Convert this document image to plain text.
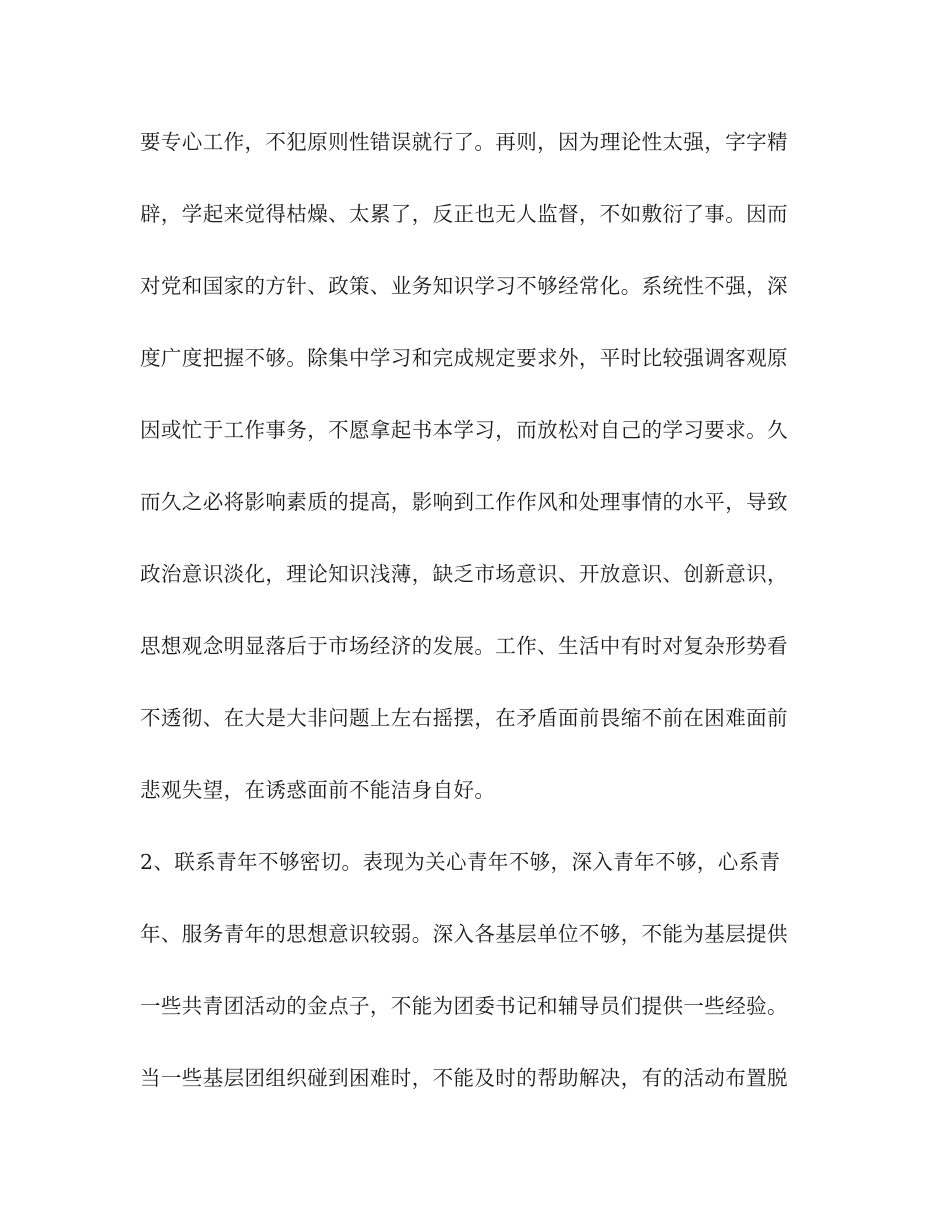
要专心工作，不犯原则性错误就行了。再则，因为理论性太强，字字精
辟，学起来觉得枯燥、太累了，反正也无人监督，不如敷衍了事。因而
对党和国家的方针、政策、业务知识学习不够经常化。系统性不强，深
度广度把握不够。除集中学习和完成规定要求外，平时比较强调客观原
因或忙于工作事务，不愿拿起书本学习，而放松对自己的学习要求。久
而久之必将影响素质的提高，影响到工作作风和处理事情的水平，导致
政治意识淡化，理论知识浅薄，缺乏市场意识、开放意识、创新意识，
思想观念明显落后于市场经济的发展。工作、生活中有时对复杂形势看
不透彻、在大是大非问题上左右摇摆，在矛盾面前畏缩不前在困难面前
悲观失望，在诱惑面前不能洁身自好。
2、联系青年不够密切。表现为关心青年不够，深入青年不够，心系青
年、服务青年的思想意识较弱。深入各基层单位不够，不能为基层提供
一些共青团活动的金点子，不能为团委书记和辅导员们提供一些经验。
当一些基层团组织碰到困难时，不能及时的帮助解决，有的活动布置脱
